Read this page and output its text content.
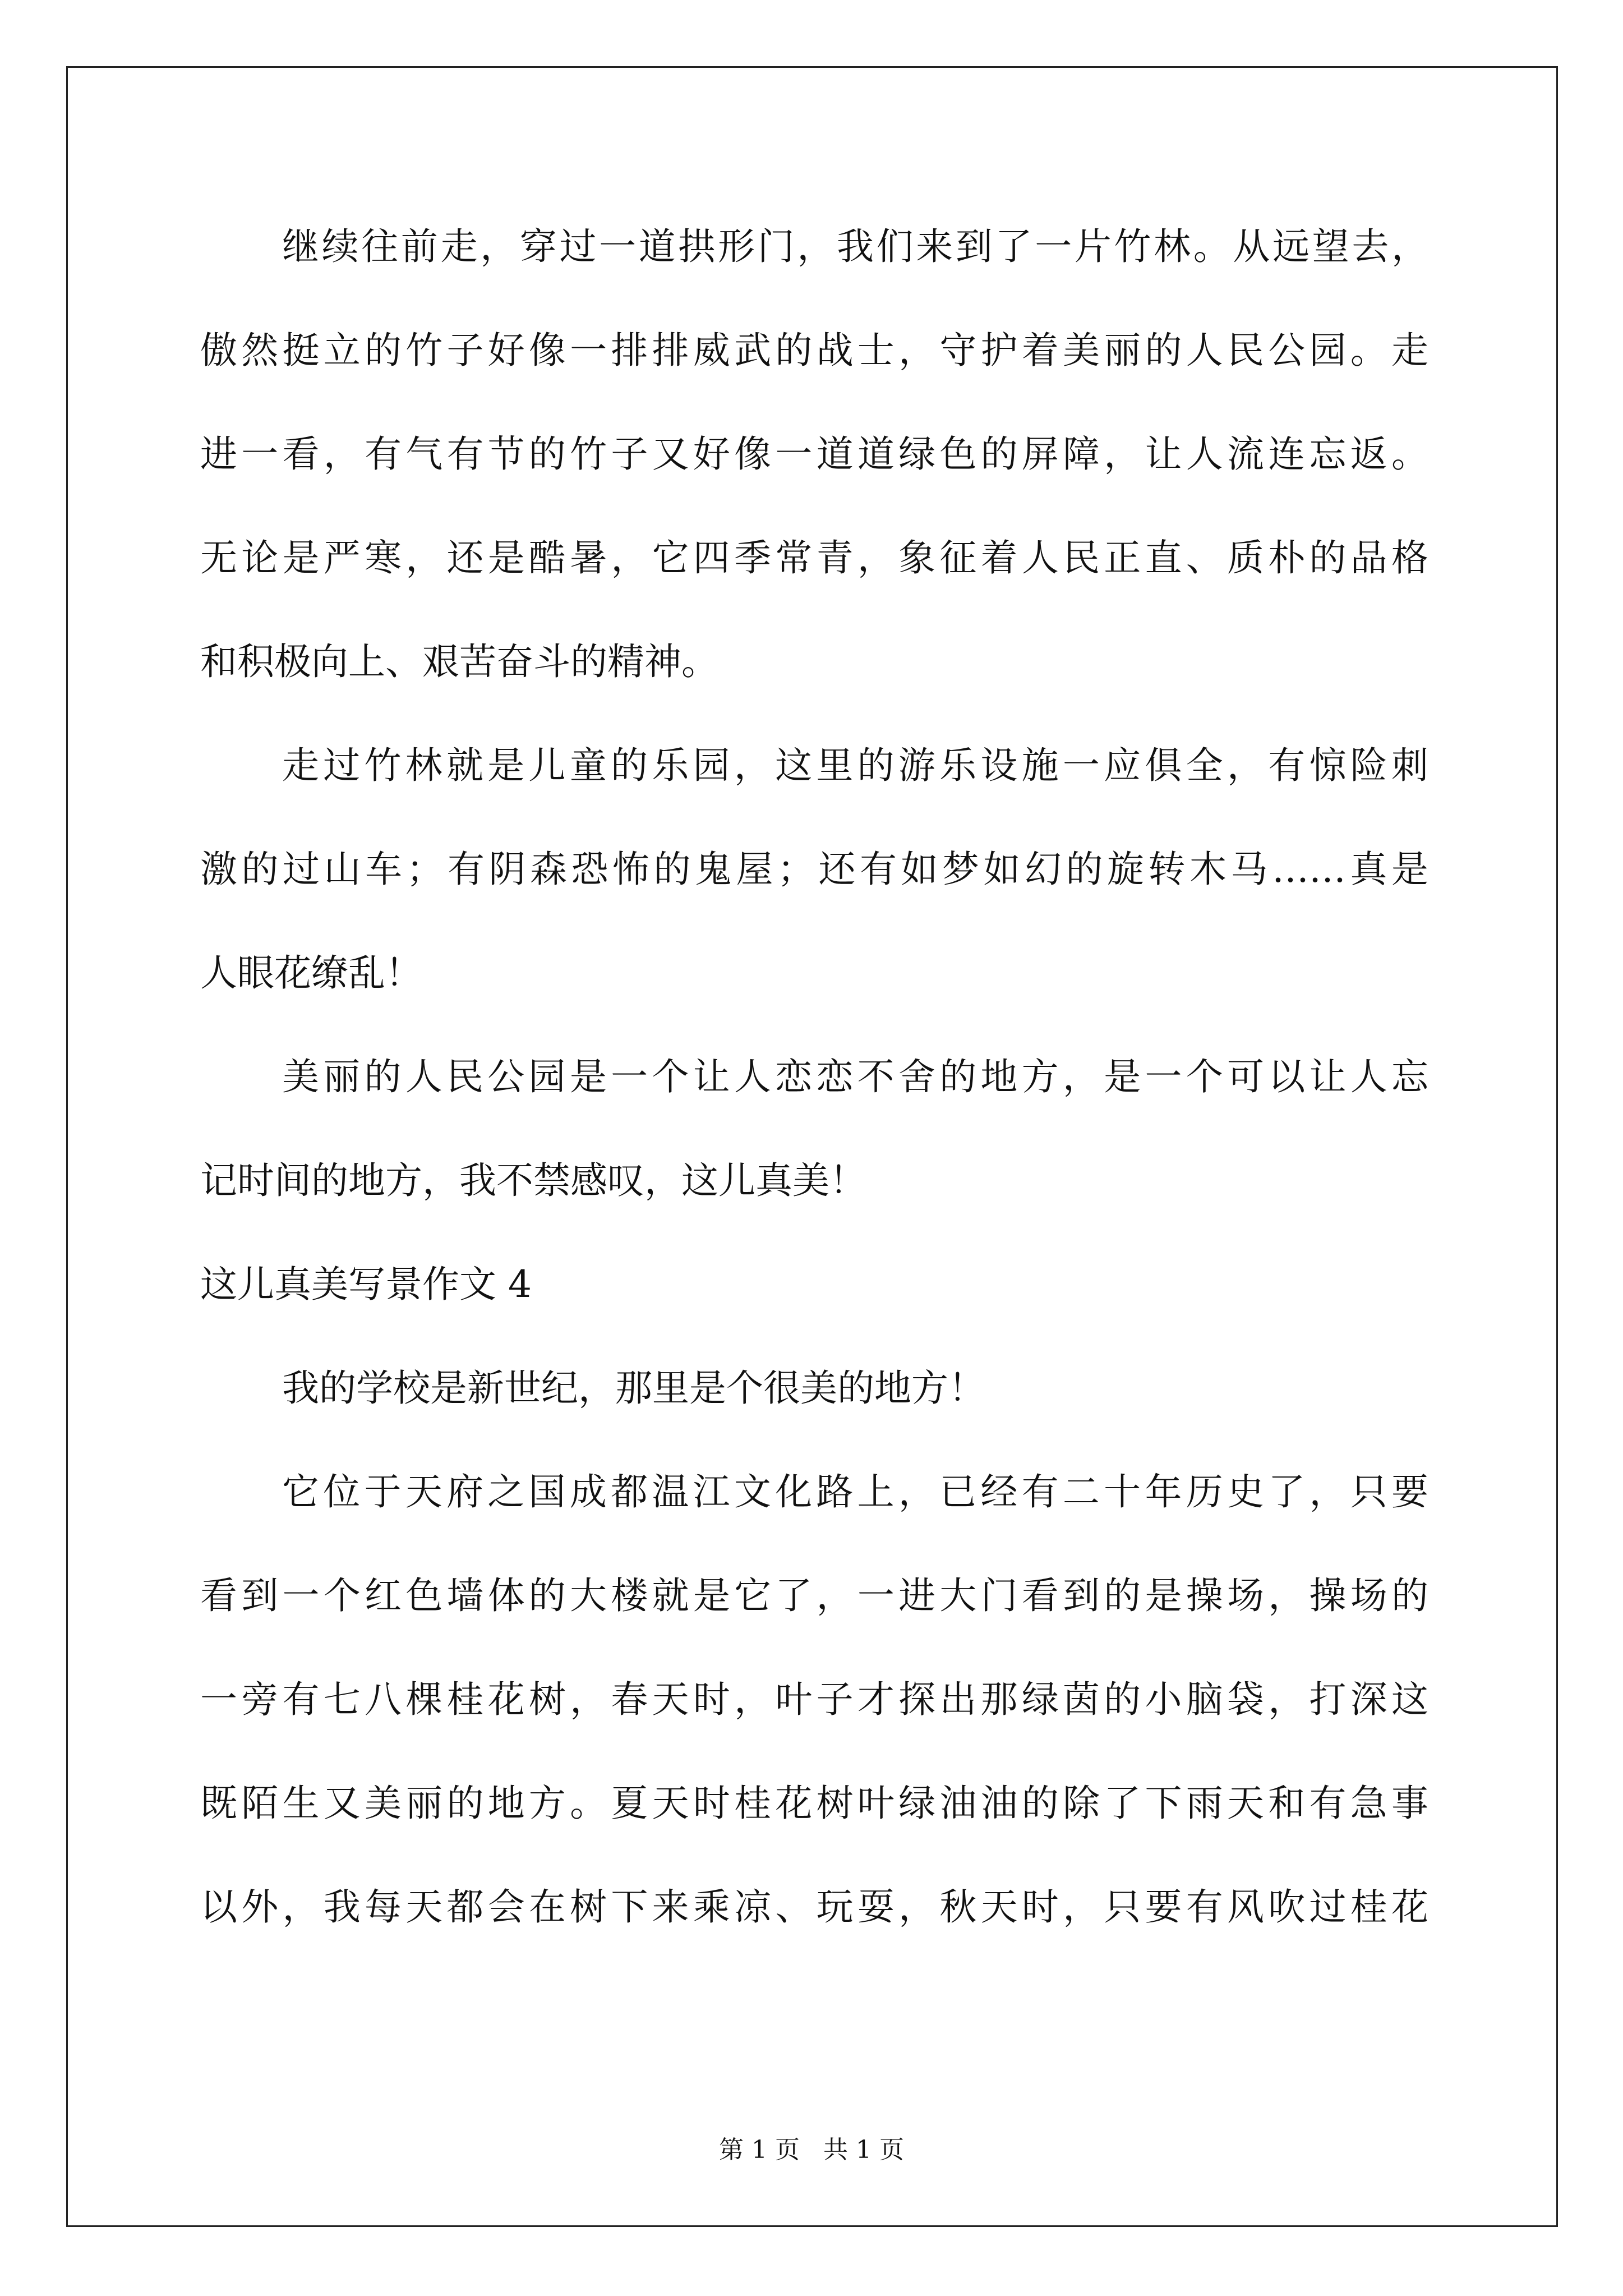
继续往前走，穿过一道拱形门，我们来到了一片竹林。从远望去，
傲然挺立的竹子好像一排排威武的战士，守护着美丽的人民公园。走
进一看，有气有节的竹子又好像一道道绿色的屏障，让人流连忘返。
无论是严寒，还是酷暑，它四季常青，象征着人民正直、质朴的品格
和积极向上、艰苦奋斗的精神。
走过竹林就是儿童的乐园，这里的游乐设施一应俱全，有惊险刺
激的过山车；有阴森恐怖的鬼屋；还有如梦如幻的旋转木马……真是
人眼花缭乱！
美丽的人民公园是一个让人恋恋不舍的地方，是一个可以让人忘
记时间的地方，我不禁感叹，这儿真美！
这儿真美写景作文 4
我的学校是新世纪，那里是个很美的地方！
它位于天府之国成都温江文化路上，已经有二十年历史了，只要
看到一个红色墙体的大楼就是它了，一进大门看到的是操场，操场的
一旁有七八棵桂花树，春天时，叶子才探出那绿茵的小脑袋，打深这
既陌生又美丽的地方。夏天时桂花树叶绿油油的除了下雨天和有急事
以外，我每天都会在树下来乘凉、玩耍，秋天时，只要有风吹过桂花
第 1 页   共 1 页
